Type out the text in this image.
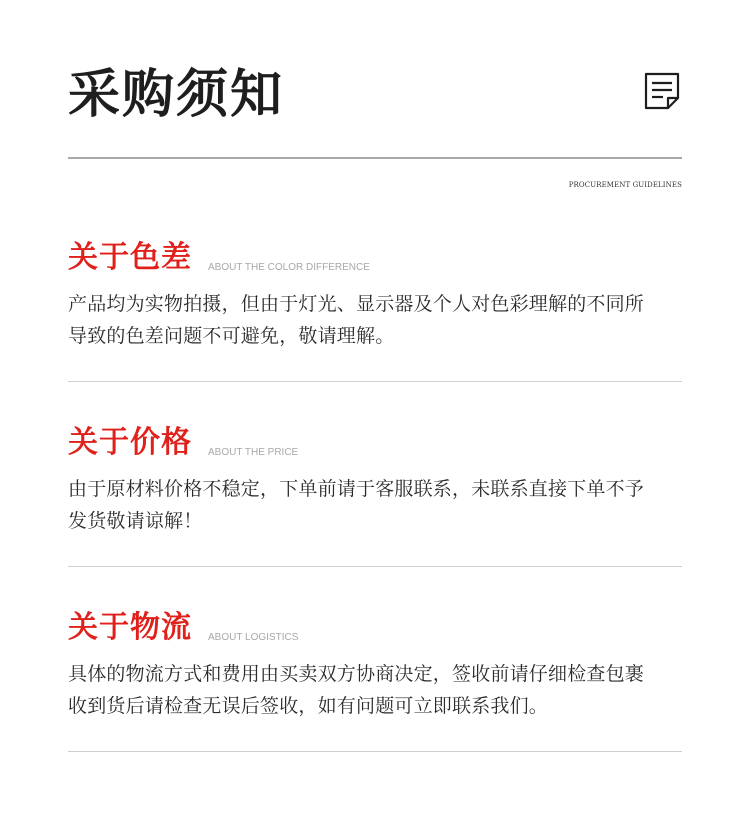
采购须知
PROCUREMENT GUIDELINES
关于色差 ABOUT THE COLOR DIFFERENCE

产品均为实物拍摄，但由于灯光、显示器及个人对色彩理解的不同所

导致的色差问题不可避免，敬请理解。

关于价格 ABOUT THE PRICE

由于原材料价格不稳定，下单前请于客服联系，未联系直接下单不予

发货敬请谅解！

关于物流 ABOUT LOGISTICS

具体的物流方式和费用由买卖双方协商决定，签收前请仔细检查包裹

收到货后请检查无误后签收，如有问题可立即联系我们。
